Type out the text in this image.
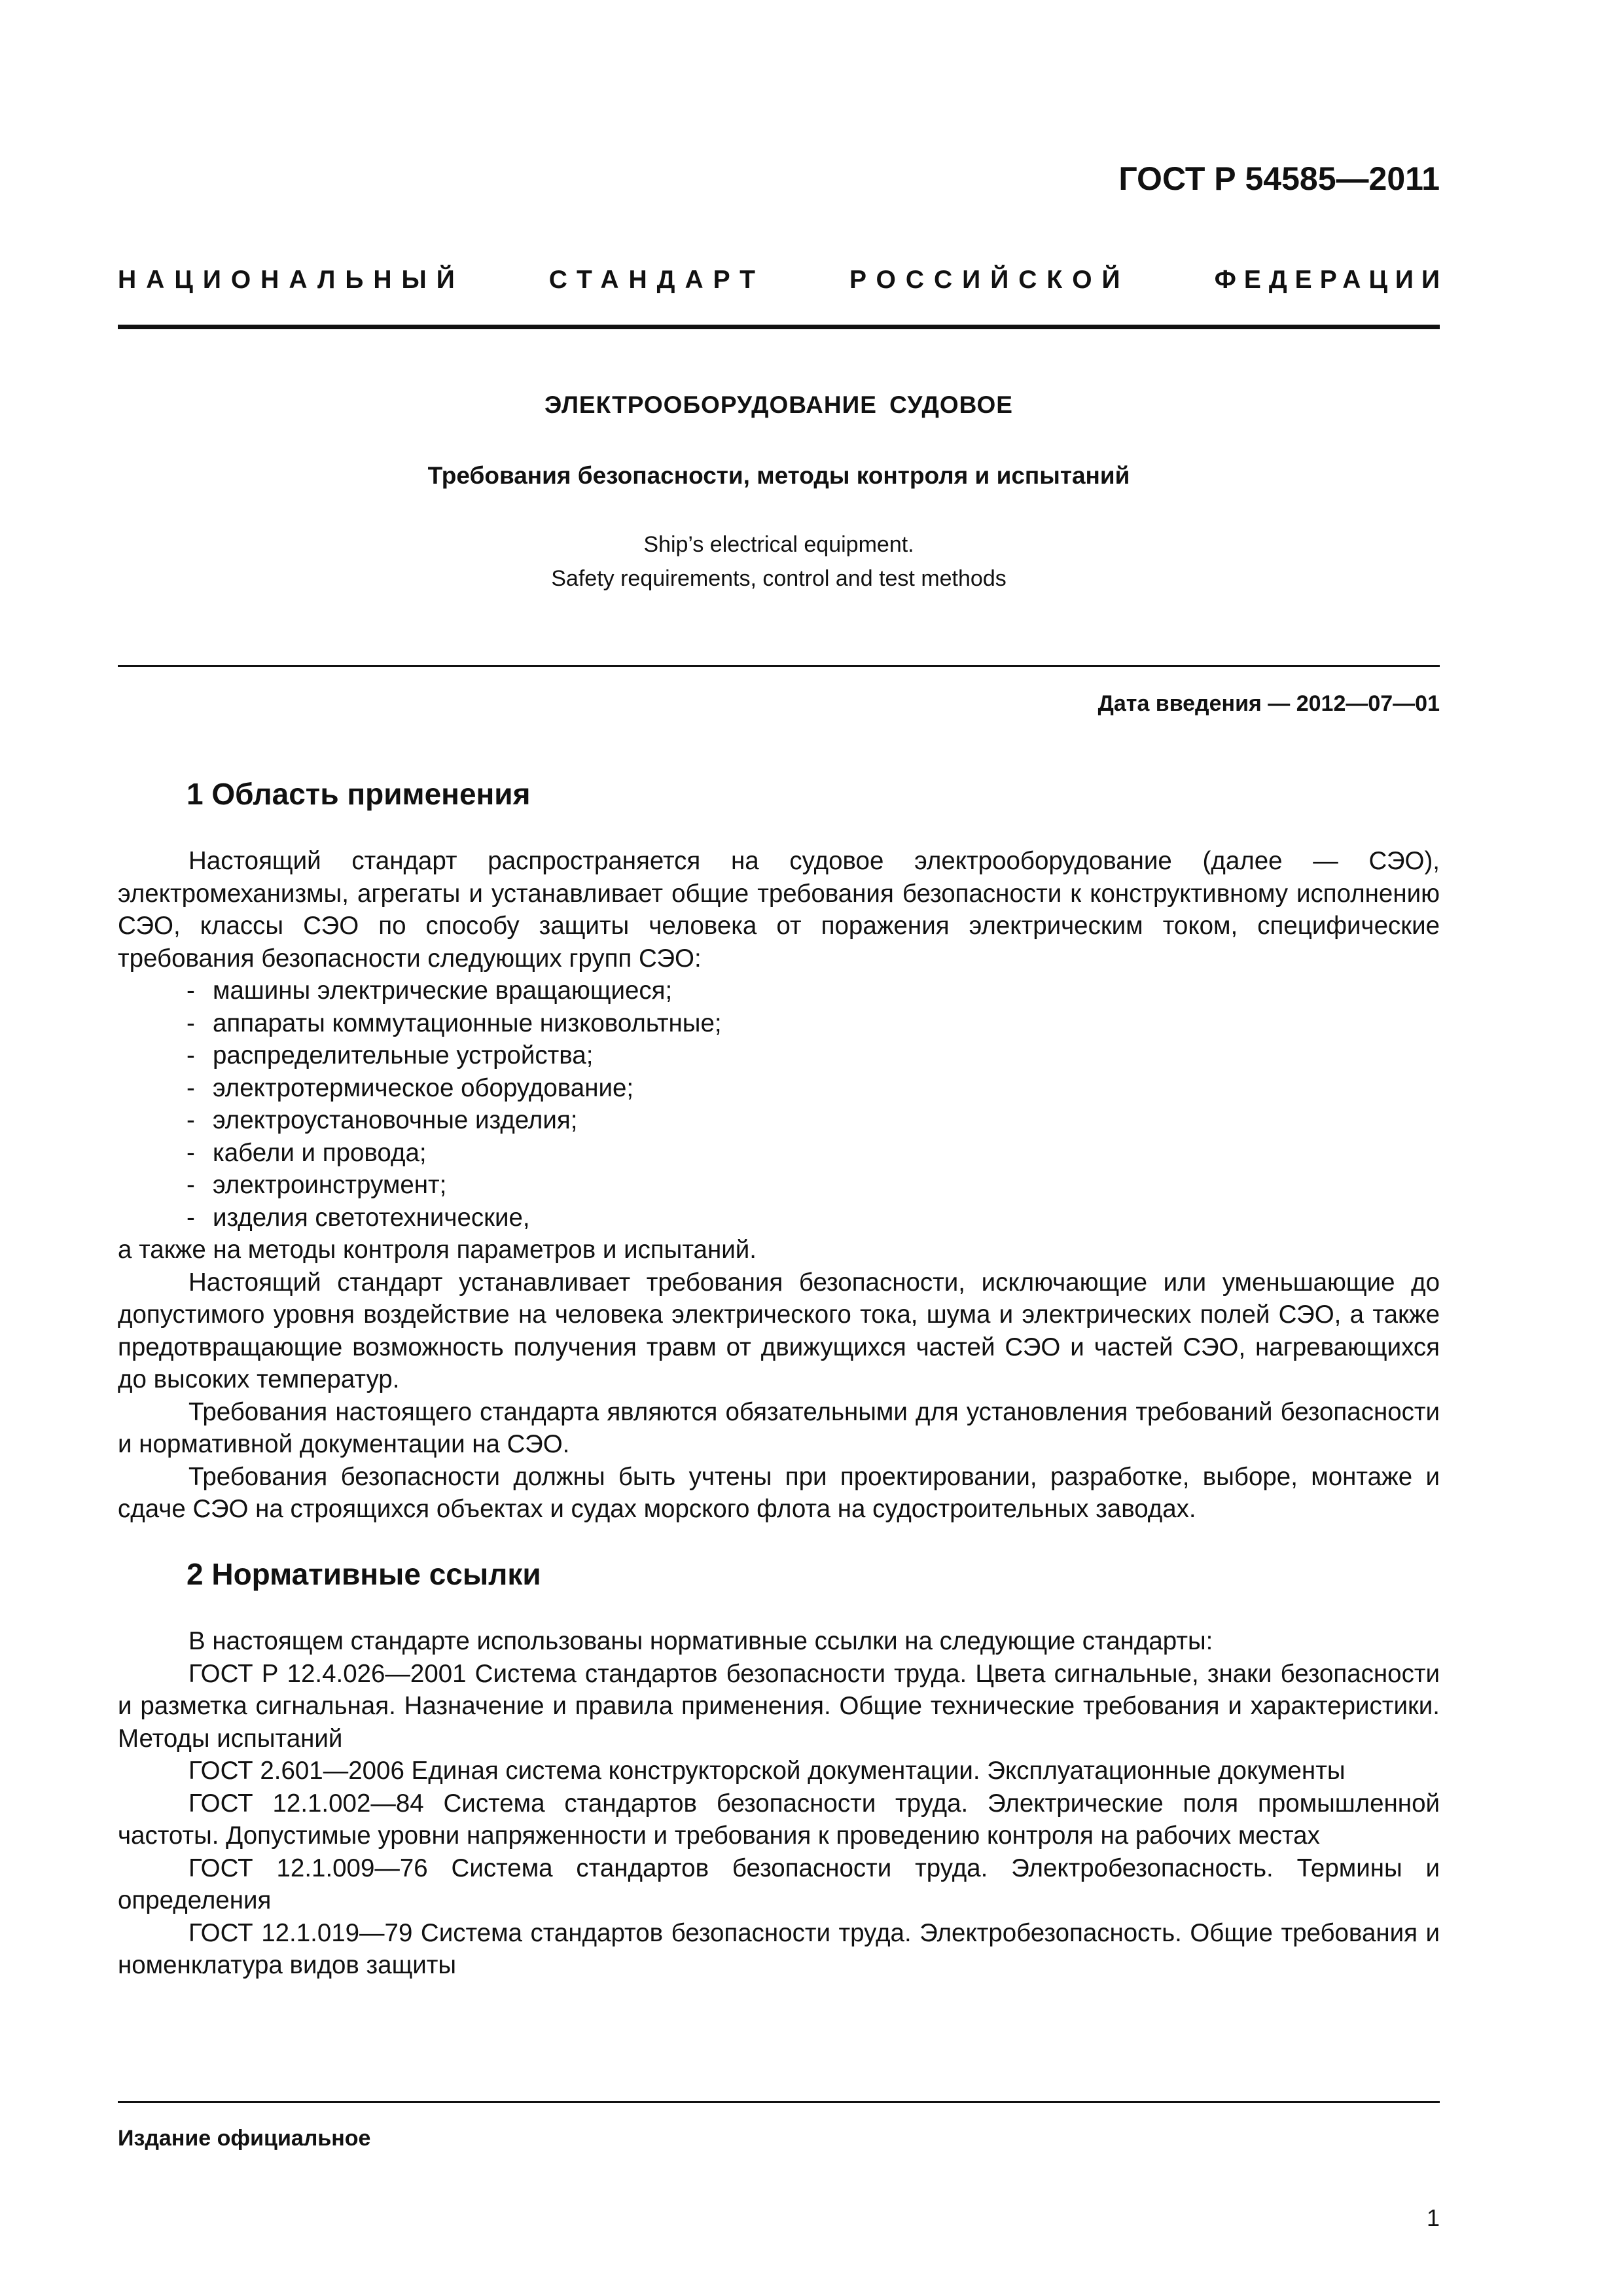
ГОСТ Р 54585—2011
НАЦИОНАЛЬНЫЙ	СТАНДАРТ	РОССИЙСКОЙ	ФЕДЕРАЦИИ
ЭЛЕКТРООБОРУДОВАНИЕ СУДОВОЕ
Требования безопасности, методы контроля и испытаний
Ship’s electrical equipment.
Safety requirements, control and test methods

Дата введения — 2012—07—01

1 Область применения

Настоящий стандарт распространяется на судовое электрооборудование (далее — СЭО), электромеханизмы, агрегаты и устанавливает общие требования безопасности к конструктивному исполнению СЭО, классы СЭО по способу защиты человека от поражения электрическим током, специфические требования безопасности следующих групп СЭО:

- машины электрические вращающиеся;
- аппараты коммутационные низковольтные;
- распределительные устройства;
- электротермическое оборудование;
- электроустановочные изделия;
- кабели и провода;
- электроинструмент;
- изделия светотехнические,

а также на методы контроля параметров и испытаний.

Настоящий стандарт устанавливает требования безопасности, исключающие или уменьшающие до допустимого уровня воздействие на человека электрического тока, шума и электрических полей СЭО, а также предотвращающие возможность получения травм от движущихся частей СЭО и частей СЭО, нагревающихся до высоких температур.

Требования настоящего стандарта являются обязательными для установления требований безопасности и нормативной документации на СЭО.

Требования безопасности должны быть учтены при проектировании, разработке, выборе, монтаже и сдаче СЭО на строящихся объектах и судах морского флота на судостроительных заводах.

2 Нормативные ссылки

В настоящем стандарте использованы нормативные ссылки на следующие стандарты:

ГОСТ Р 12.4.026—2001 Система стандартов безопасности труда. Цвета сигнальные, знаки безопасности и разметка сигнальная. Назначение и правила применения. Общие технические требования и характеристики. Методы испытаний

ГОСТ 2.601—2006 Единая система конструкторской документации. Эксплуатационные документы

ГОСТ 12.1.002—84 Система стандартов безопасности труда. Электрические поля промышленной частоты. Допустимые уровни напряженности и требования к проведению контроля на рабочих местах

ГОСТ 12.1.009—76 Система стандартов безопасности труда. Электробезопасность. Термины и определения

ГОСТ 12.1.019—79 Система стандартов безопасности труда. Электробезопасность. Общие требования и номенклатура видов защиты

Издание официальное

1
